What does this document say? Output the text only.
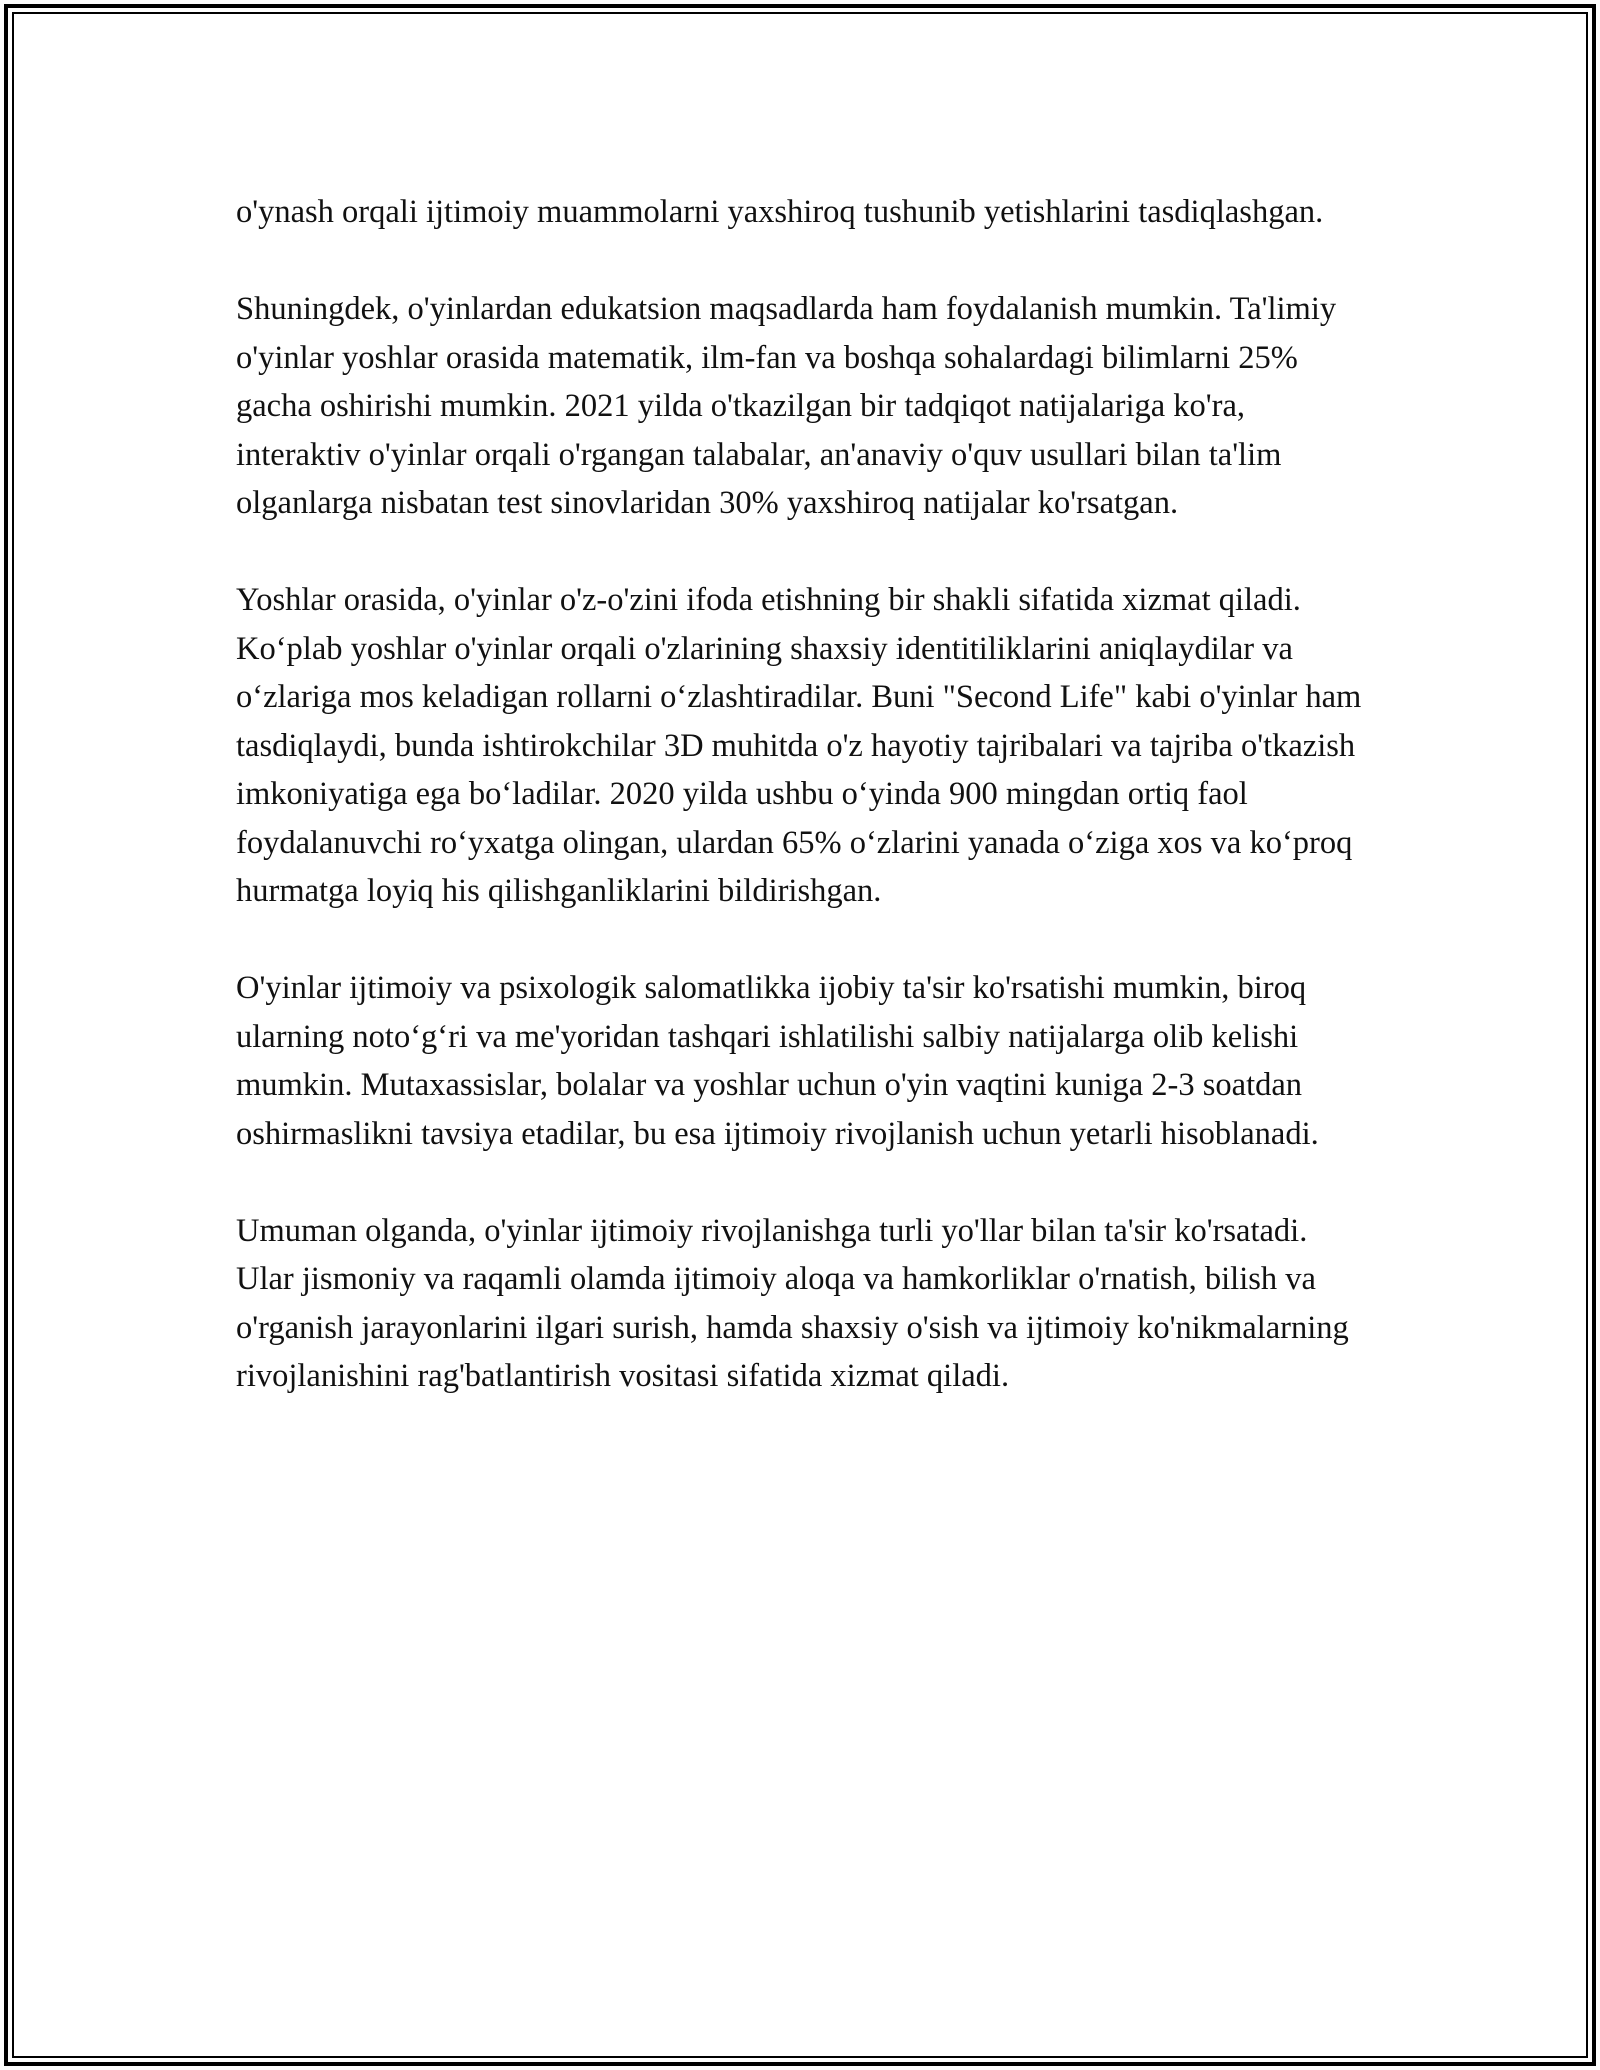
o'ynash orqali ijtimoiy muammolarni yaxshiroq tushunib yetishlarini tasdiqlashgan.

Shuningdek, o'yinlardan edukatsion maqsadlarda ham foydalanish mumkin. Ta'limiy o'yinlar yoshlar orasida matematik, ilm-fan va boshqa sohalardagi bilimlarni 25% gacha oshirishi mumkin. 2021 yilda o'tkazilgan bir tadqiqot natijalariga ko'ra, interaktiv o'yinlar orqali o'rgangan talabalar, an'anaviy o'quv usullari bilan ta'lim olganlarga nisbatan test sinovlaridan 30% yaxshiroq natijalar ko'rsatgan.

Yoshlar orasida, o'yinlar o'z-o'zini ifoda etishning bir shakli sifatida xizmat qiladi. Koʻplab yoshlar o'yinlar orqali o'zlarining shaxsiy identitiliklarini aniqlaydilar va oʻzlariga mos keladigan rollarni oʻzlashtiradilar. Buni "Second Life" kabi o'yinlar ham tasdiqlaydi, bunda ishtirokchilar 3D muhitda o'z hayotiy tajribalari va tajriba o'tkazish imkoniyatiga ega boʻladilar. 2020 yilda ushbu oʻyinda 900 mingdan ortiq faol foydalanuvchi roʻyxatga olingan, ulardan 65% oʻzlarini yanada oʻziga xos va koʻproq hurmatga loyiq his qilishganliklarini bildirishgan.

O'yinlar ijtimoiy va psixologik salomatlikka ijobiy ta'sir ko'rsatishi mumkin, biroq ularning notoʻgʻri va me'yoridan tashqari ishlatilishi salbiy natijalarga olib kelishi mumkin. Mutaxassislar, bolalar va yoshlar uchun o'yin vaqtini kuniga 2-3 soatdan oshirmaslikni tavsiya etadilar, bu esa ijtimoiy rivojlanish uchun yetarli hisoblanadi.

Umuman olganda, o'yinlar ijtimoiy rivojlanishga turli yo'llar bilan ta'sir ko'rsatadi. Ular jismoniy va raqamli olamda ijtimoiy aloqa va hamkorliklar o'rnatish, bilish va o'rganish jarayonlarini ilgari surish, hamda shaxsiy o'sish va ijtimoiy ko'nikmalarning rivojlanishini rag'batlantirish vositasi sifatida xizmat qiladi.
